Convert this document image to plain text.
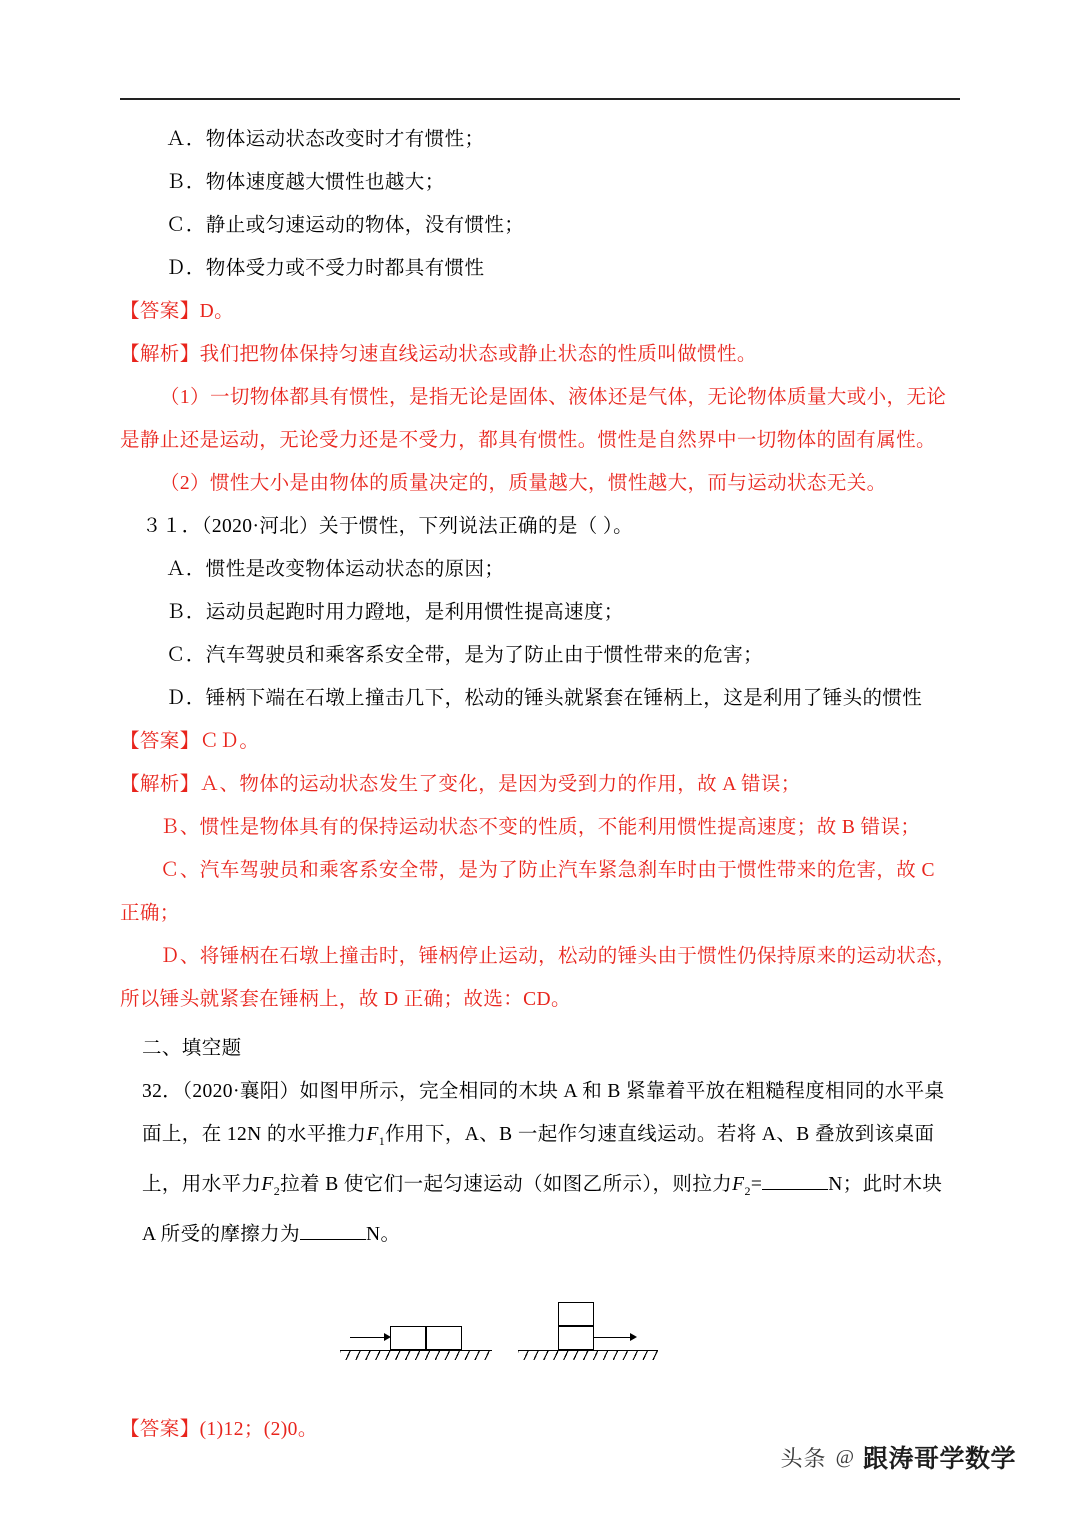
Ａ．物体运动状态改变时才有惯性；

Ｂ．物体速度越大惯性也越大；

Ｃ．静止或匀速运动的物体，没有惯性；

Ｄ．物体受力或不受力时都具有惯性

【答案】D。

【解析】我们把物体保持匀速直线运动状态或静止状态的性质叫做惯性。

（1）一切物体都具有惯性，是指无论是固体、液体还是气体，无论物体质量大或小，无论是静止还是运动，无论受力还是不受力，都具有惯性。惯性是自然界中一切物体的固有属性。

（2）惯性大小是由物体的质量决定的，质量越大，惯性越大，而与运动状态无关。

３１．（2020·河北）关于惯性，下列说法正确的是（ ）。

Ａ．惯性是改变物体运动状态的原因；

Ｂ．运动员起跑时用力蹬地，是利用惯性提高速度；

Ｃ．汽车驾驶员和乘客系安全带，是为了防止由于惯性带来的危害；

Ｄ．锤柄下端在石墩上撞击几下，松动的锤头就紧套在锤柄上，这是利用了锤头的惯性

【答案】ＣＤ。

【解析】Ａ、物体的运动状态发生了变化，是因为受到力的作用，故 A 错误；

Ｂ、惯性是物体具有的保持运动状态不变的性质，不能利用惯性提高速度；故 B 错误；

Ｃ、汽车驾驶员和乘客系安全带，是为了防止汽车紧急刹车时由于惯性带来的危害，故 C 正确；

Ｄ、将锤柄在石墩上撞击时，锤柄停止运动，松动的锤头由于惯性仍保持原来的运动状态，所以锤头就紧套在锤柄上，故 D 正确；故选：CD。

二、填空题

32．（2020·襄阳）如图甲所示，完全相同的木块 A 和 B 紧靠着平放在粗糙程度相同的水平桌面上，在 12N 的水平推力$F_1$作用下，A、B 一起作匀速直线运动。若将 A、B 叠放到该桌面上，用水平力$F_2$拉着 B 使它们一起匀速运动（如图乙所示），则拉力$F_2=$	N；此时木块 A 所受的摩擦力为	N。

【答案】(1)12；(2)0。

头条 @ 跟涛哥学数学
